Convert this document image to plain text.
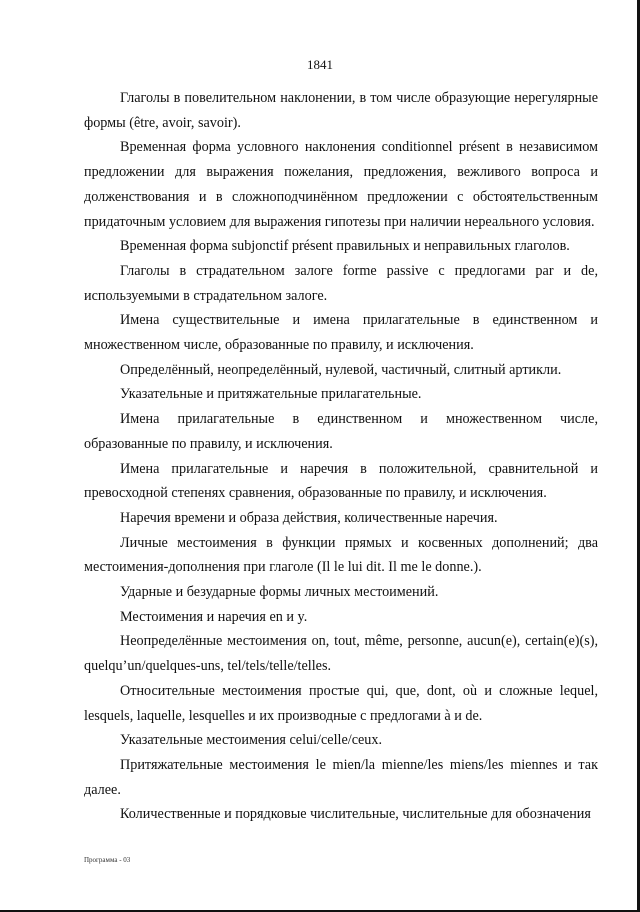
1841

Глаголы в повелительном наклонении, в том числе образующие нерегулярные формы (être, avoir, savoir).

Временная форма условного наклонения conditionnel présent в независимом предложении для выражения пожелания, предложения, вежливого вопроса и долженствования и в сложноподчинённом предложении с обстоятельственным придаточным условием для выражения гипотезы при наличии нереального условия.

Временная форма subjonctif présent правильных и неправильных глаголов.

Глаголы в страдательном залоге forme passive с предлогами par и de, используемыми в страдательном залоге.

Имена существительные и имена прилагательные в единственном и множественном числе, образованные по правилу, и исключения.

Определённый, неопределённый, нулевой, частичный, слитный артикли.

Указательные и притяжательные прилагательные.

Имена прилагательные в единственном и множественном числе, образованные по правилу, и исключения.

Имена прилагательные и наречия в положительной, сравнительной и превосходной степенях сравнения, образованные по правилу, и исключения.

Наречия времени и образа действия, количественные наречия.

Личные местоимения в функции прямых и косвенных дополнений; два местоимения-дополнения при глаголе (Il le lui dit. Il me le donne.).

Ударные и безударные формы личных местоимений.

Местоимения и наречия en и y.

Неопределённые местоимения on, tout, même, personne, aucun(e), certain(e)(s), quelqu’un/quelques-uns, tel/tels/telle/telles.

Относительные местоимения простые qui, que, dont, où и сложные lequel, lesquels, laquelle, lesquelles и их производные с предлогами à и de.

Указательные местоимения celui/celle/ceux.

Притяжательные местоимения le mien/la mienne/les miens/les miennes и так далее.

Количественные и порядковые числительные, числительные для обозначения

Программа - 03
